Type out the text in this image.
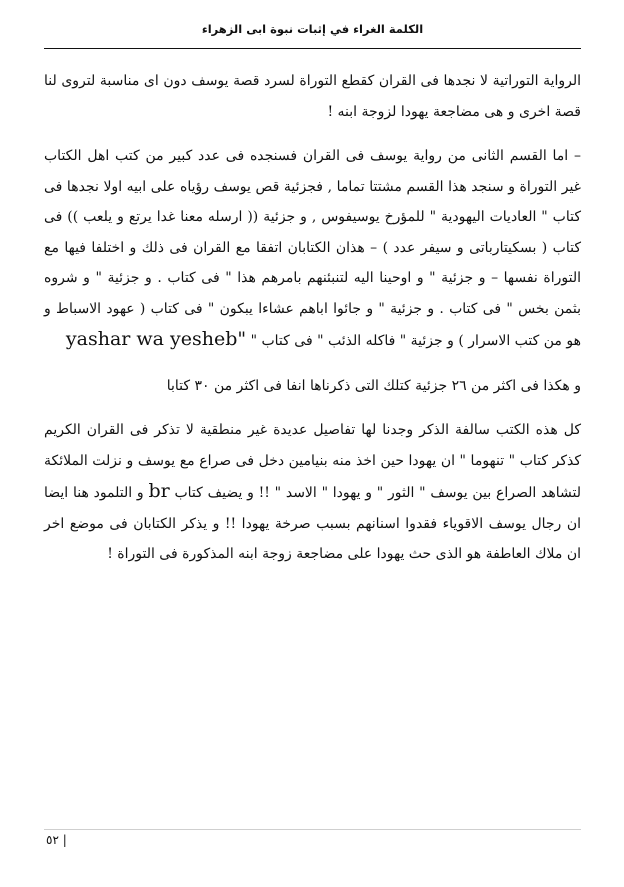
الكلمة الغراء في إثبات نبوة ابى الزهراء

الرواية التوراتية لا نجدها فى القران كقطع التوراة لسرد قصة يوسف دون اى مناسبة لتروى لنا قصة اخرى و هى مضاجعة يهودا لزوجة ابنه !

– اما القسم الثانى من رواية يوسف فى القران فسنجده فى عدد كبير من كتب اهل الكتاب غير التوراة و سنجد هذا القسم مشتتا تماما , فجزئية قص يوسف رؤياه على ابيه اولا نجدها فى كتاب " العاديات اليهودية " للمؤرخ يوسيفوس , و جزئية (( ارسله معنا غدا يرتع و يلعب )) فى كتاب ( بسكيتارباتى و سيفر عدد ) – هذان الكتابان اتفقا مع القران فى ذلك و اختلفا فيها مع التوراة نفسها – و جزئية " و اوحينا اليه لتنبئنهم بامرهم هذا " فى كتاب . و جزئية " و شروه بثمن بخس " فى كتاب . و جزئية " و جائوا اباهم عشاءا يبكون " فى كتاب ( عهود الاسباط و هو من كتب الاسرار ) و جزئية " فاكله الذئب " فى كتاب " yashar wa yesheb"

و هكذا فى اكثر من ٢٦ جزئية كتلك التى ذكرناها انفا فى اكثر من ٣٠ كتابا

كل هذه الكتب سالفة الذكر وجدنا لها تفاصيل عديدة غير منطقية لا تذكر فى القران الكريم كذكر كتاب " تنهوما " ان يهودا حين اخذ منه بنيامين دخل فى صراع مع يوسف و نزلت الملائكة لتشاهد الصراع بين يوسف " الثور " و يهودا " الاسد " !! و يضيف كتاب br و التلمود هنا ايضا ان رجال يوسف الاقوياء فقدوا اسنانهم بسبب صرخة يهودا !! و يذكر الكتابان فى موضع اخر ان ملاك العاطفة هو الذى حث يهودا على مضاجعة زوجة ابنه المذكورة فى التوراة !

٥٢ |
